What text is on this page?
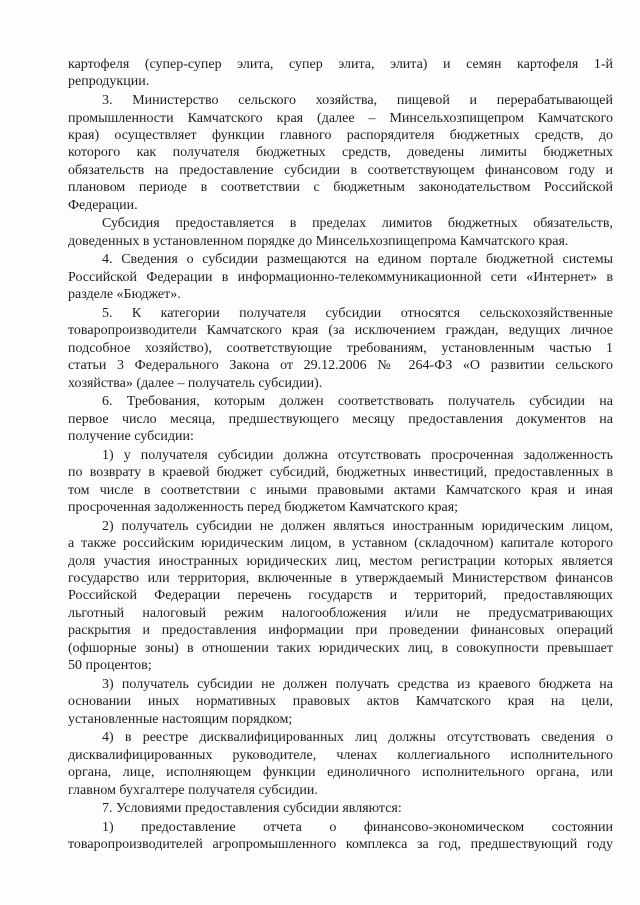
картофеля (супер-супер элита, супер элита, элита) и семян картофеля 1-й
репродукции.
3. Министерство сельского хозяйства, пищевой и перерабатывающей
промышленности Камчатского края (далее – Минсельхозпищепром Камчатского
края) осуществляет функции главного распорядителя бюджетных средств, до
которого как получателя бюджетных средств, доведены лимиты бюджетных
обязательств на предоставление субсидии в соответствующем финансовом году и
плановом периоде в соответствии с бюджетным законодательством Российской
Федерации.
Субсидия предоставляется в пределах лимитов бюджетных обязательств,
доведенных в установленном порядке до Минсельхозпищепрома Камчатского края.
4. Сведения о субсидии размещаются на едином портале бюджетной системы
Российской Федерации в информационно-телекоммуникационной сети «Интернет» в
разделе «Бюджет».
5. К категории получателя субсидии относятся сельскохозяйственные
товаропроизводители Камчатского края (за исключением граждан, ведущих личное
подсобное хозяйство), соответствующие требованиям, установленным частью 1
статьи 3 Федерального Закона от 29.12.2006 № 264-ФЗ «О развитии сельского
хозяйства» (далее – получатель субсидии).
6. Требования, которым должен соответствовать получатель субсидии на
первое число месяца, предшествующего месяцу предоставления документов на
получение субсидии:
1) у получателя субсидии должна отсутствовать просроченная задолженность
по возврату в краевой бюджет субсидий, бюджетных инвестиций, предоставленных в
том числе в соответствии с иными правовыми актами Камчатского края и иная
просроченная задолженность перед бюджетом Камчатского края;
2) получатель субсидии не должен являться иностранным юридическим лицом,
а также российским юридическим лицом, в уставном (складочном) капитале которого
доля участия иностранных юридических лиц, местом регистрации которых является
государство или территория, включенные в утверждаемый Министерством финансов
Российской Федерации перечень государств и территорий, предоставляющих
льготный налоговый режим налогообложения и/или не предусматривающих
раскрытия и предоставления информации при проведении финансовых операций
(офшорные зоны) в отношении таких юридических лиц, в совокупности превышает
50 процентов;
3) получатель субсидии не должен получать средства из краевого бюджета на
основании иных нормативных правовых актов Камчатского края на цели,
установленные настоящим порядком;
4) в реестре дисквалифицированных лиц должны отсутствовать сведения о
дисквалифицированных руководителе, членах коллегиального исполнительного
органа, лице, исполняющем функции единоличного исполнительного органа, или
главном бухгалтере получателя субсидии.
7. Условиями предоставления субсидии являются:
1) предоставление отчета о финансово-экономическом состоянии
товаропроизводителей агропромышленного комплекса за год, предшествующий году
